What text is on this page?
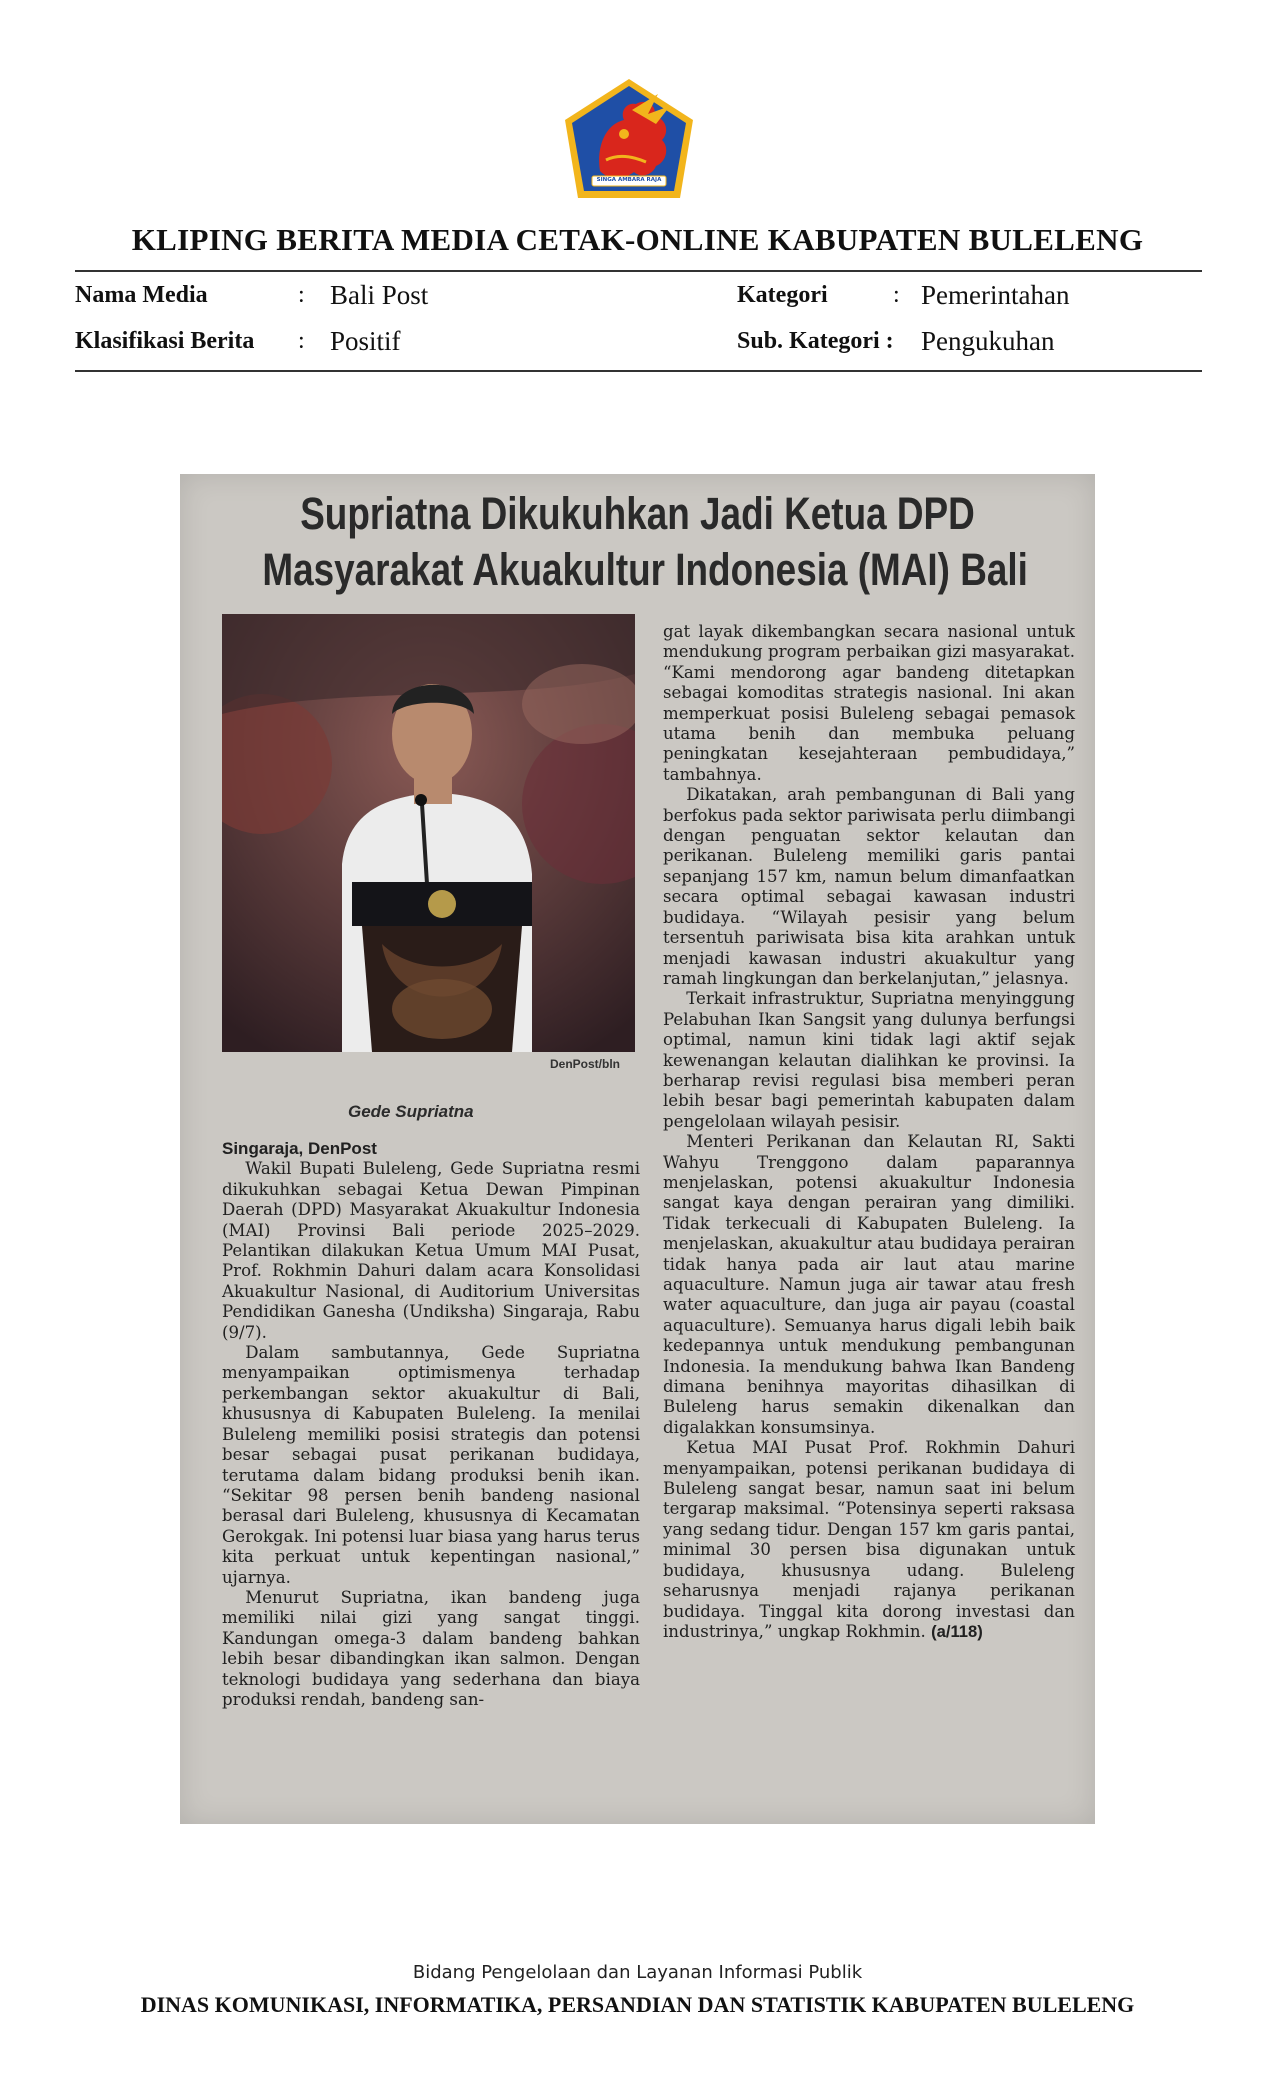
SINGA AMBARA RAJA
KLIPING BERITA MEDIA CETAK-ONLINE KABUPATEN BULELENG
Nama Media	: Bali Post	Kategori	: Pemerintahan
Klasifikasi Berita : Positif	Sub. Kategori : Pengukuhan
Supriatna Dikukuhkan Jadi Ketua DPD
Masyarakat Akuakultur Indonesia (MAI) Bali
DenPost/bln
Gede Supriatna

Singaraja, DenPost

Wakil Bupati Buleleng, Gede Supriatna resmi dikukuhkan sebagai Ketua Dewan Pimpinan Daerah (DPD) Masyarakat Akuakultur Indonesia (MAI) Provinsi Bali periode 2025–2029. Pelantikan dilakukan Ketua Umum MAI Pusat, Prof. Rokhmin Dahuri dalam acara Konsolidasi Akuakultur Nasional, di Auditorium Universitas Pendidikan Ganesha (Undiksha) Singaraja, Rabu (9/7).

Dalam sambutannya, Gede Supriatna menyampaikan optimismenya terhadap perkembangan sektor akuakultur di Bali, khususnya di Kabupaten Buleleng. Ia menilai Buleleng memiliki posisi strategis dan potensi besar sebagai pusat perikanan budidaya, terutama dalam bidang produksi benih ikan. “Sekitar 98 persen benih bandeng nasional berasal dari Buleleng, khususnya di Kecamatan Gerokgak. Ini potensi luar biasa yang harus terus kita perkuat untuk kepentingan nasional,” ujarnya.

Menurut Supriatna, ikan bandeng juga memiliki nilai gizi yang sangat tinggi. Kandungan omega-3 dalam bandeng bahkan lebih besar dibandingkan ikan salmon. Dengan teknologi budidaya yang sederhana dan biaya produksi rendah, bandeng san-

gat layak dikembangkan secara nasional untuk mendukung program perbaikan gizi masyarakat. “Kami mendorong agar bandeng ditetapkan sebagai komoditas strategis nasional. Ini akan memperkuat posisi Buleleng sebagai pemasok utama benih dan membuka peluang peningkatan kesejahteraan pembudidaya,” tambahnya.

Dikatakan, arah pembangunan di Bali yang berfokus pada sektor pariwisata perlu diimbangi dengan penguatan sektor kelautan dan perikanan. Buleleng memiliki garis pantai sepanjang 157 km, namun belum dimanfaatkan secara optimal sebagai kawasan industri budidaya. “Wilayah pesisir yang belum tersentuh pariwisata bisa kita arahkan untuk menjadi kawasan industri akuakultur yang ramah lingkungan dan berkelanjutan,” jelasnya.

Terkait infrastruktur, Supriatna menyinggung Pelabuhan Ikan Sangsit yang dulunya berfungsi optimal, namun kini tidak lagi aktif sejak kewenangan kelautan dialihkan ke provinsi. Ia berharap revisi regulasi bisa memberi peran lebih besar bagi pemerintah kabupaten dalam pengelolaan wilayah pesisir.

Menteri Perikanan dan Kelautan RI, Sakti Wahyu Trenggono dalam paparannya menjelaskan, potensi akuakultur Indonesia sangat kaya dengan perairan yang dimiliki. Tidak terkecuali di Kabupaten Buleleng. Ia menjelaskan, akuakultur atau budidaya perairan tidak hanya pada air laut atau marine aquaculture. Namun juga air tawar atau fresh water aquaculture, dan juga air payau (coastal aquaculture). Semuanya harus digali lebih baik kedepannya untuk mendukung pembangunan Indonesia. Ia mendukung bahwa Ikan Bandeng dimana benihnya mayoritas dihasilkan di Buleleng harus semakin dikenalkan dan digalakkan konsumsinya.

Ketua MAI Pusat Prof. Rokhmin Dahuri menyampaikan, potensi perikanan budidaya di Buleleng sangat besar, namun saat ini belum tergarap maksimal. “Potensinya seperti raksasa yang sedang tidur. Dengan 157 km garis pantai, minimal 30 persen bisa digunakan untuk budidaya, khususnya udang. Buleleng seharusnya menjadi rajanya perikanan budidaya. Tinggal kita dorong investasi dan industrinya,” ungkap Rokhmin. (a/118)

Bidang Pengelolaan dan Layanan Informasi Publik
DINAS KOMUNIKASI, INFORMATIKA, PERSANDIAN DAN STATISTIK KABUPATEN BULELENG
